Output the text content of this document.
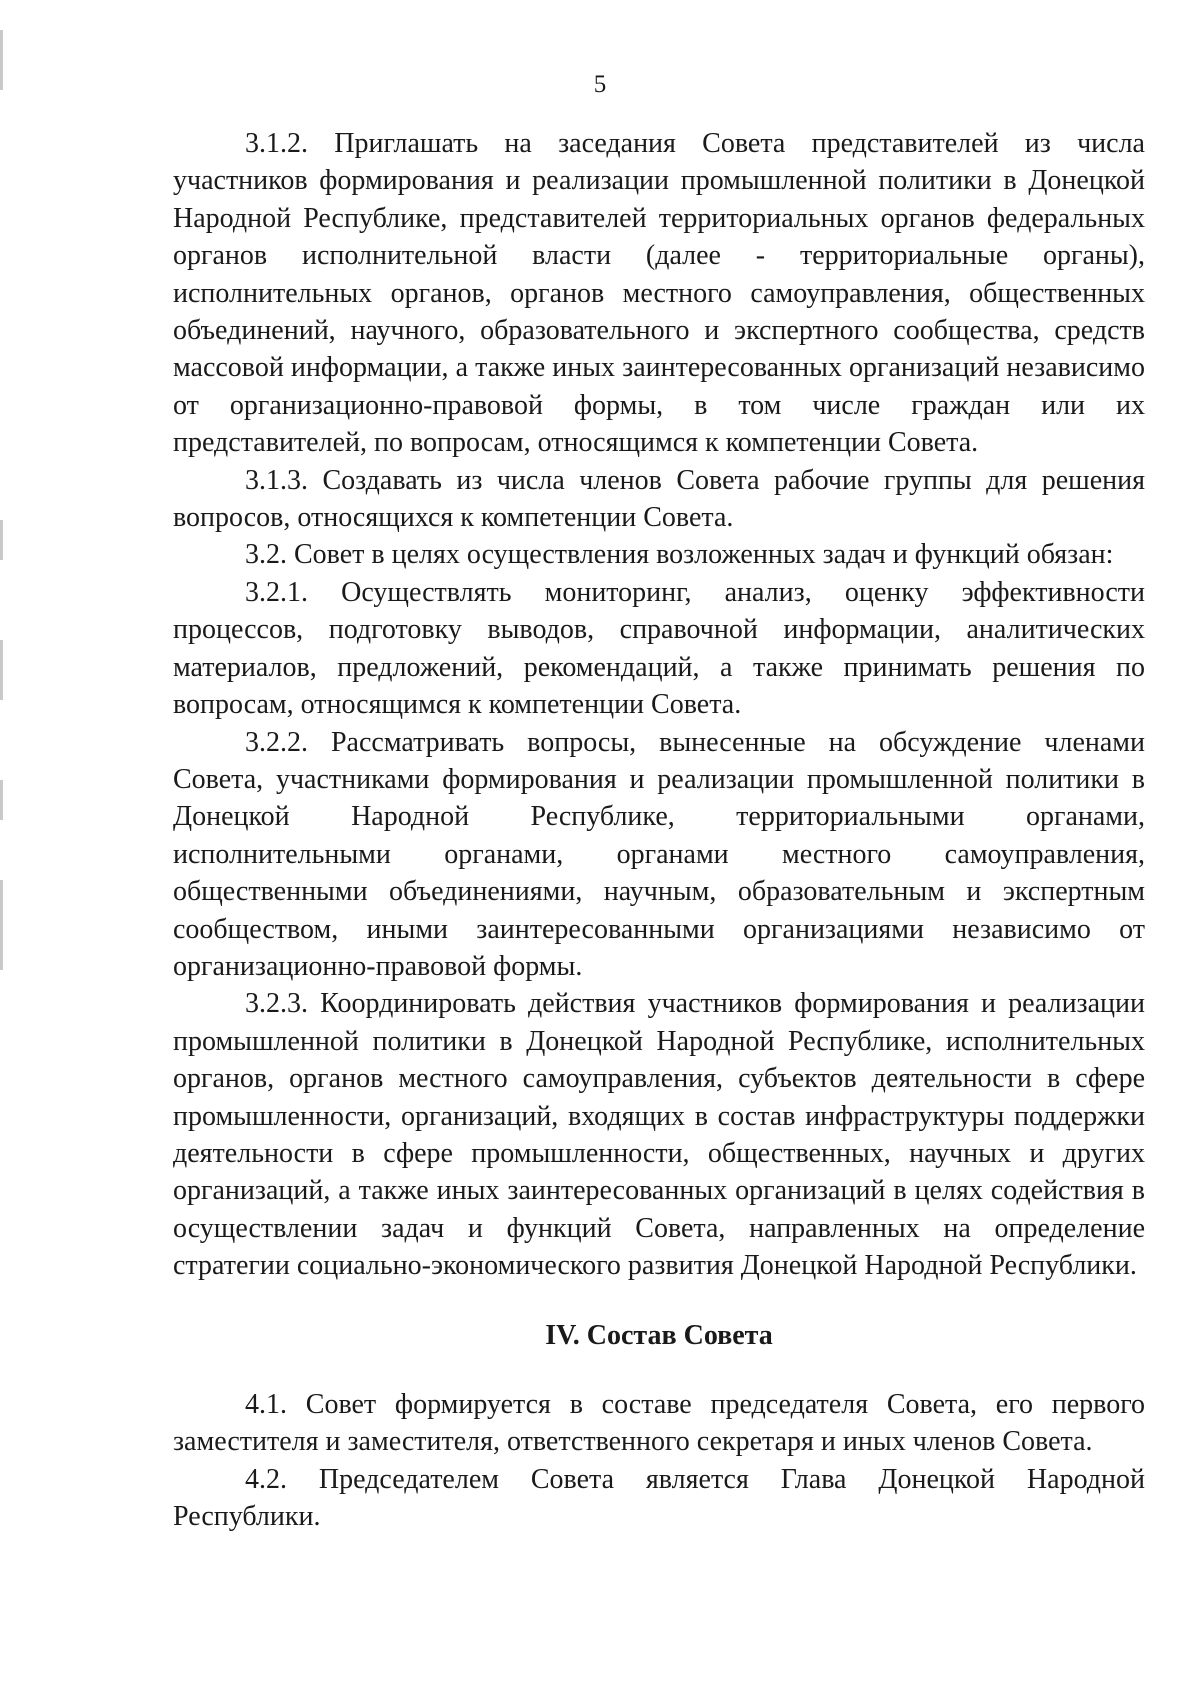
5

3.1.2. Приглашать на заседания Совета представителей из числа участников формирования и реализации промышленной политики в Донецкой Народной Республике, представителей территориальных органов федеральных органов исполнительной власти (далее - территориальные органы), исполнительных органов, органов местного самоуправления, общественных объединений, научного, образовательного и экспертного сообщества, средств массовой информации, а также иных заинтересованных организаций независимо от организационно-правовой формы, в том числе граждан или их представителей, по вопросам, относящимся к компетенции Совета.

3.1.3. Создавать из числа членов Совета рабочие группы для решения вопросов, относящихся к компетенции Совета.

3.2. Совет в целях осуществления возложенных задач и функций обязан:

3.2.1. Осуществлять мониторинг, анализ, оценку эффективности процессов, подготовку выводов, справочной информации, аналитических материалов, предложений, рекомендаций, а также принимать решения по вопросам, относящимся к компетенции Совета.

3.2.2. Рассматривать вопросы, вынесенные на обсуждение членами Совета, участниками формирования и реализации промышленной политики в Донецкой Народной Республике, территориальными органами, исполнительными органами, органами местного самоуправления, общественными объединениями, научным, образовательным и экспертным сообществом, иными заинтересованными организациями независимо от организационно-правовой формы.

3.2.3. Координировать действия участников формирования и реализации промышленной политики в Донецкой Народной Республике, исполнительных органов, органов местного самоуправления, субъектов деятельности в сфере промышленности, организаций, входящих в состав инфраструктуры поддержки деятельности в сфере промышленности, общественных, научных и других организаций, а также иных заинтересованных организаций в целях содействия в осуществлении задач и функций Совета, направленных на определение стратегии социально-экономического развития Донецкой Народной Республики.

IV. Состав Совета

4.1. Совет формируется в составе председателя Совета, его первого заместителя и заместителя, ответственного секретаря и иных членов Совета.

4.2. Председателем Совета является Глава Донецкой Народной Республики.
